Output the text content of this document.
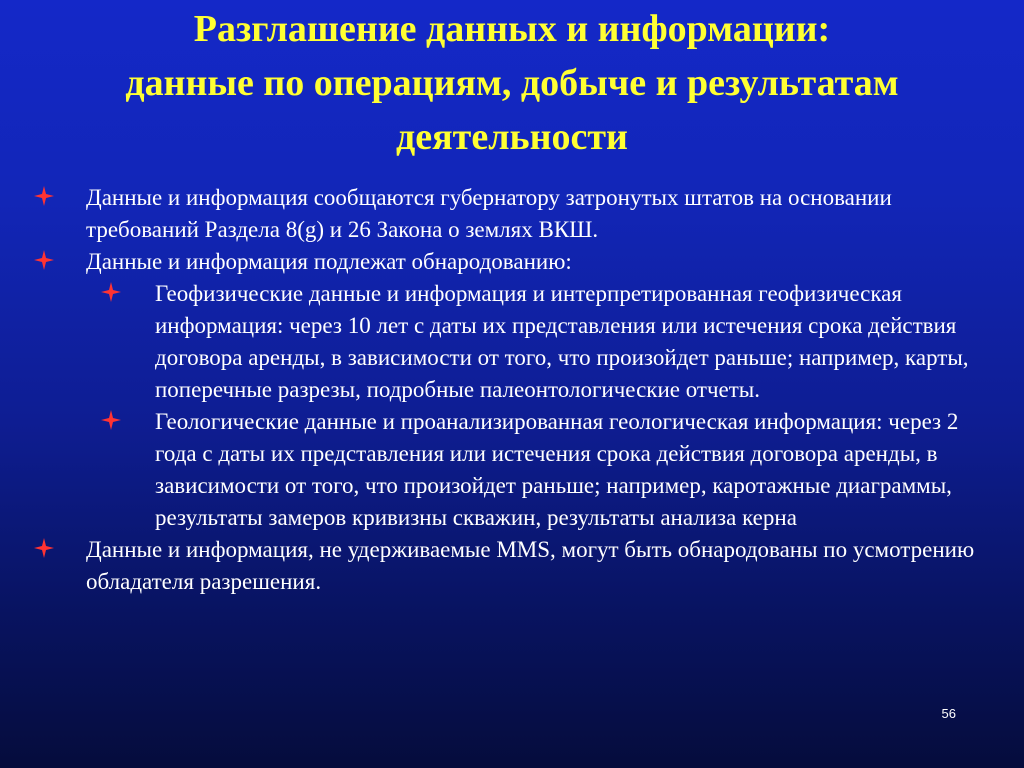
Разглашение данных и информации:
данные по операциям, добыче и результатам
деятельности

Данные и информация сообщаются губернатору затронутых штатов на основании требований Раздела 8(g) и 26 Закона о землях ВКШ.

Данные и информация подлежат обнародованию:

Геофизические данные и информация и интерпретированная геофизическая информация: через 10 лет с даты их представления или истечения срока действия договора аренды, в зависимости от того, что произойдет раньше; например, карты, поперечные разрезы, подробные палеонтологические отчеты.

Геологические данные и проанализированная геологическая информация: через 2 года с даты их представления или истечения срока действия договора аренды, в зависимости от того, что произойдет раньше; например, каротажные диаграммы, результаты замеров кривизны скважин, результаты анализа керна

Данные и информация, не удерживаемые MMS, могут быть обнародованы по усмотрению обладателя разрешения.

56
